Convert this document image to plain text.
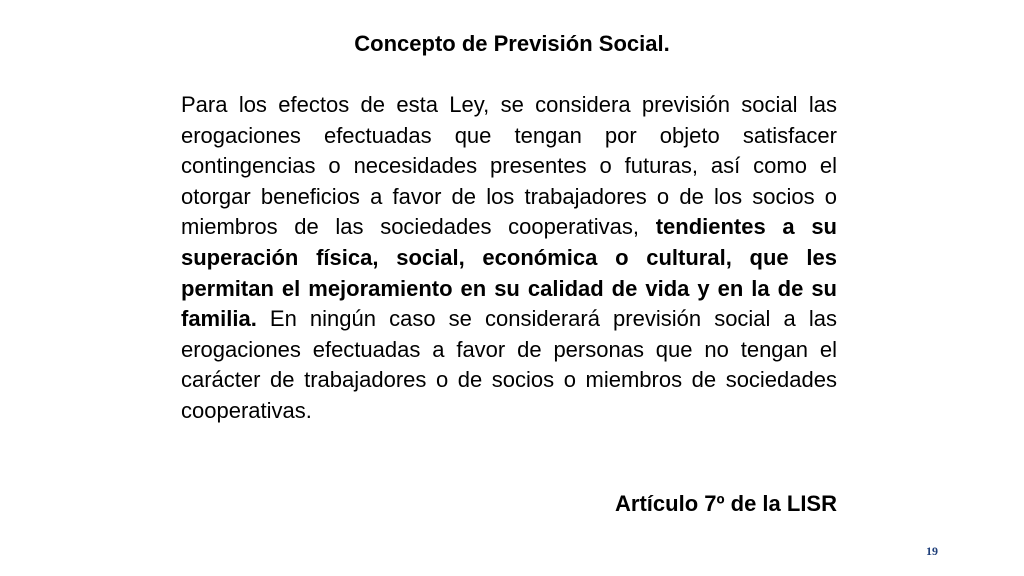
Concepto de Previsión Social.

Para los efectos de esta Ley, se considera previsión social las erogaciones efectuadas que tengan por objeto satisfacer contingencias o necesidades presentes o futuras, así como el otorgar beneficios a favor de los trabajadores o de los socios o miembros de las sociedades cooperativas, tendientes a su superación física, social, económica o cultural, que les permitan el mejoramiento en su calidad de vida y en la de su familia. En ningún caso se considerará previsión social a las erogaciones efectuadas a favor de personas que no tengan el carácter de trabajadores o de socios o miembros de sociedades cooperativas.

Artículo 7º de la LISR
19
